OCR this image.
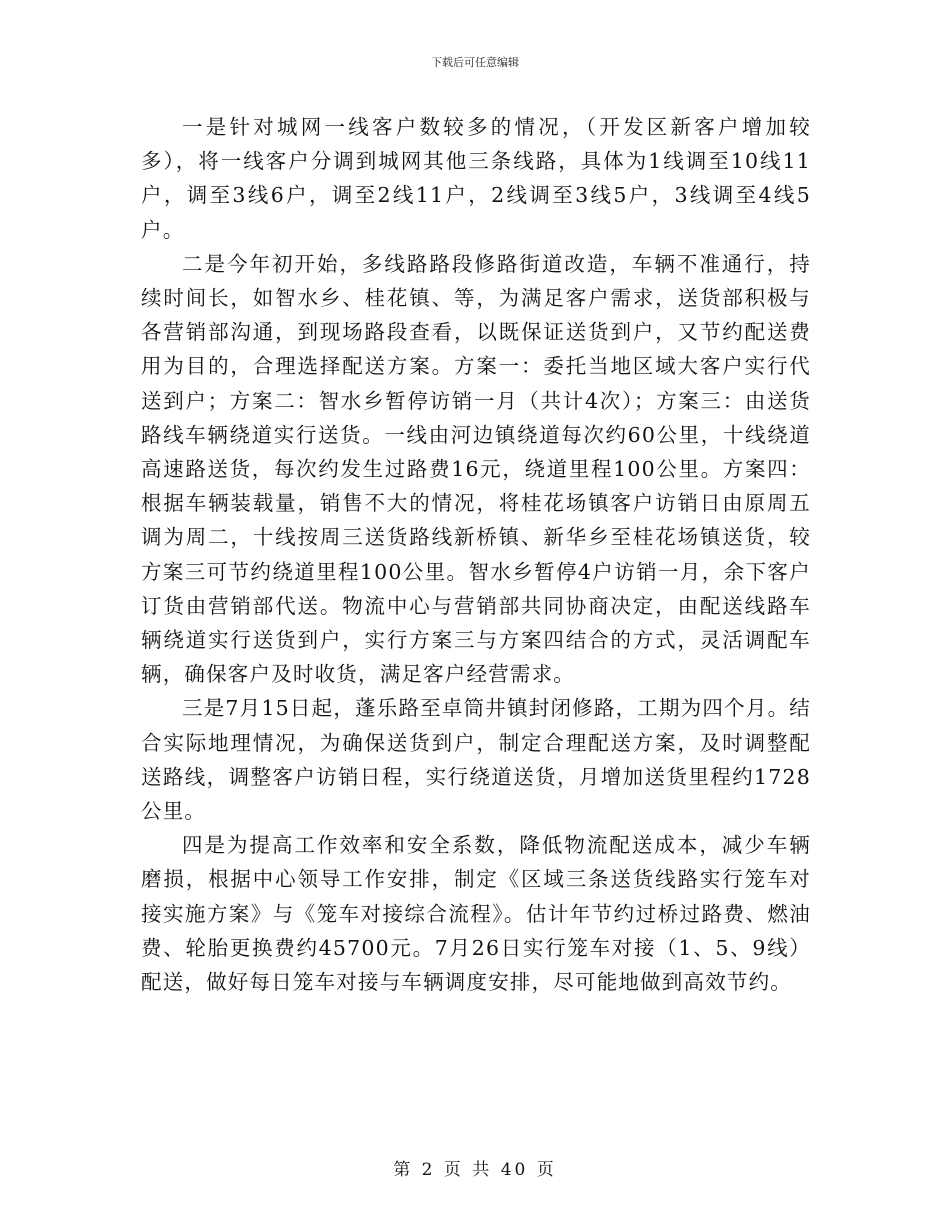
下载后可任意编辑

一是针对城网一线客户数较多的情况，（开发区新客户增加较多），将一线客户分调到城网其他三条线路，具体为1线调至10线11户，调至3线6户，调至2线11户，2线调至3线5户，3线调至4线5户。

二是今年初开始，多线路路段修路街道改造，车辆不准通行，持续时间长，如智水乡、桂花镇、等，为满足客户需求，送货部积极与各营销部沟通，到现场路段查看，以既保证送货到户，又节约配送费用为目的，合理选择配送方案。方案一：委托当地区域大客户实行代送到户；方案二：智水乡暂停访销一月（共计4次）；方案三：由送货路线车辆绕道实行送货。一线由河边镇绕道每次约60公里，十线绕道高速路送货，每次约发生过路费16元，绕道里程100公里。方案四：根据车辆装载量，销售不大的情况，将桂花场镇客户访销日由原周五调为周二，十线按周三送货路线新桥镇、新华乡至桂花场镇送货，较方案三可节约绕道里程100公里。智水乡暂停4户访销一月，余下客户订货由营销部代送。物流中心与营销部共同协商决定，由配送线路车辆绕道实行送货到户，实行方案三与方案四结合的方式，灵活调配车辆，确保客户及时收货，满足客户经营需求。

三是7月15日起，蓬乐路至卓筒井镇封闭修路，工期为四个月。结合实际地理情况，为确保送货到户，制定合理配送方案，及时调整配送路线，调整客户访销日程，实行绕道送货，月增加送货里程约1728公里。

四是为提高工作效率和安全系数，降低物流配送成本，减少车辆磨损，根据中心领导工作安排，制定《区域三条送货线路实行笼车对接实施方案》与《笼车对接综合流程》。估计年节约过桥过路费、燃油费、轮胎更换费约45700元。7月26日实行笼车对接（1、5、9线）配送，做好每日笼车对接与车辆调度安排，尽可能地做到高效节约。

第 2 页 共 40 页
